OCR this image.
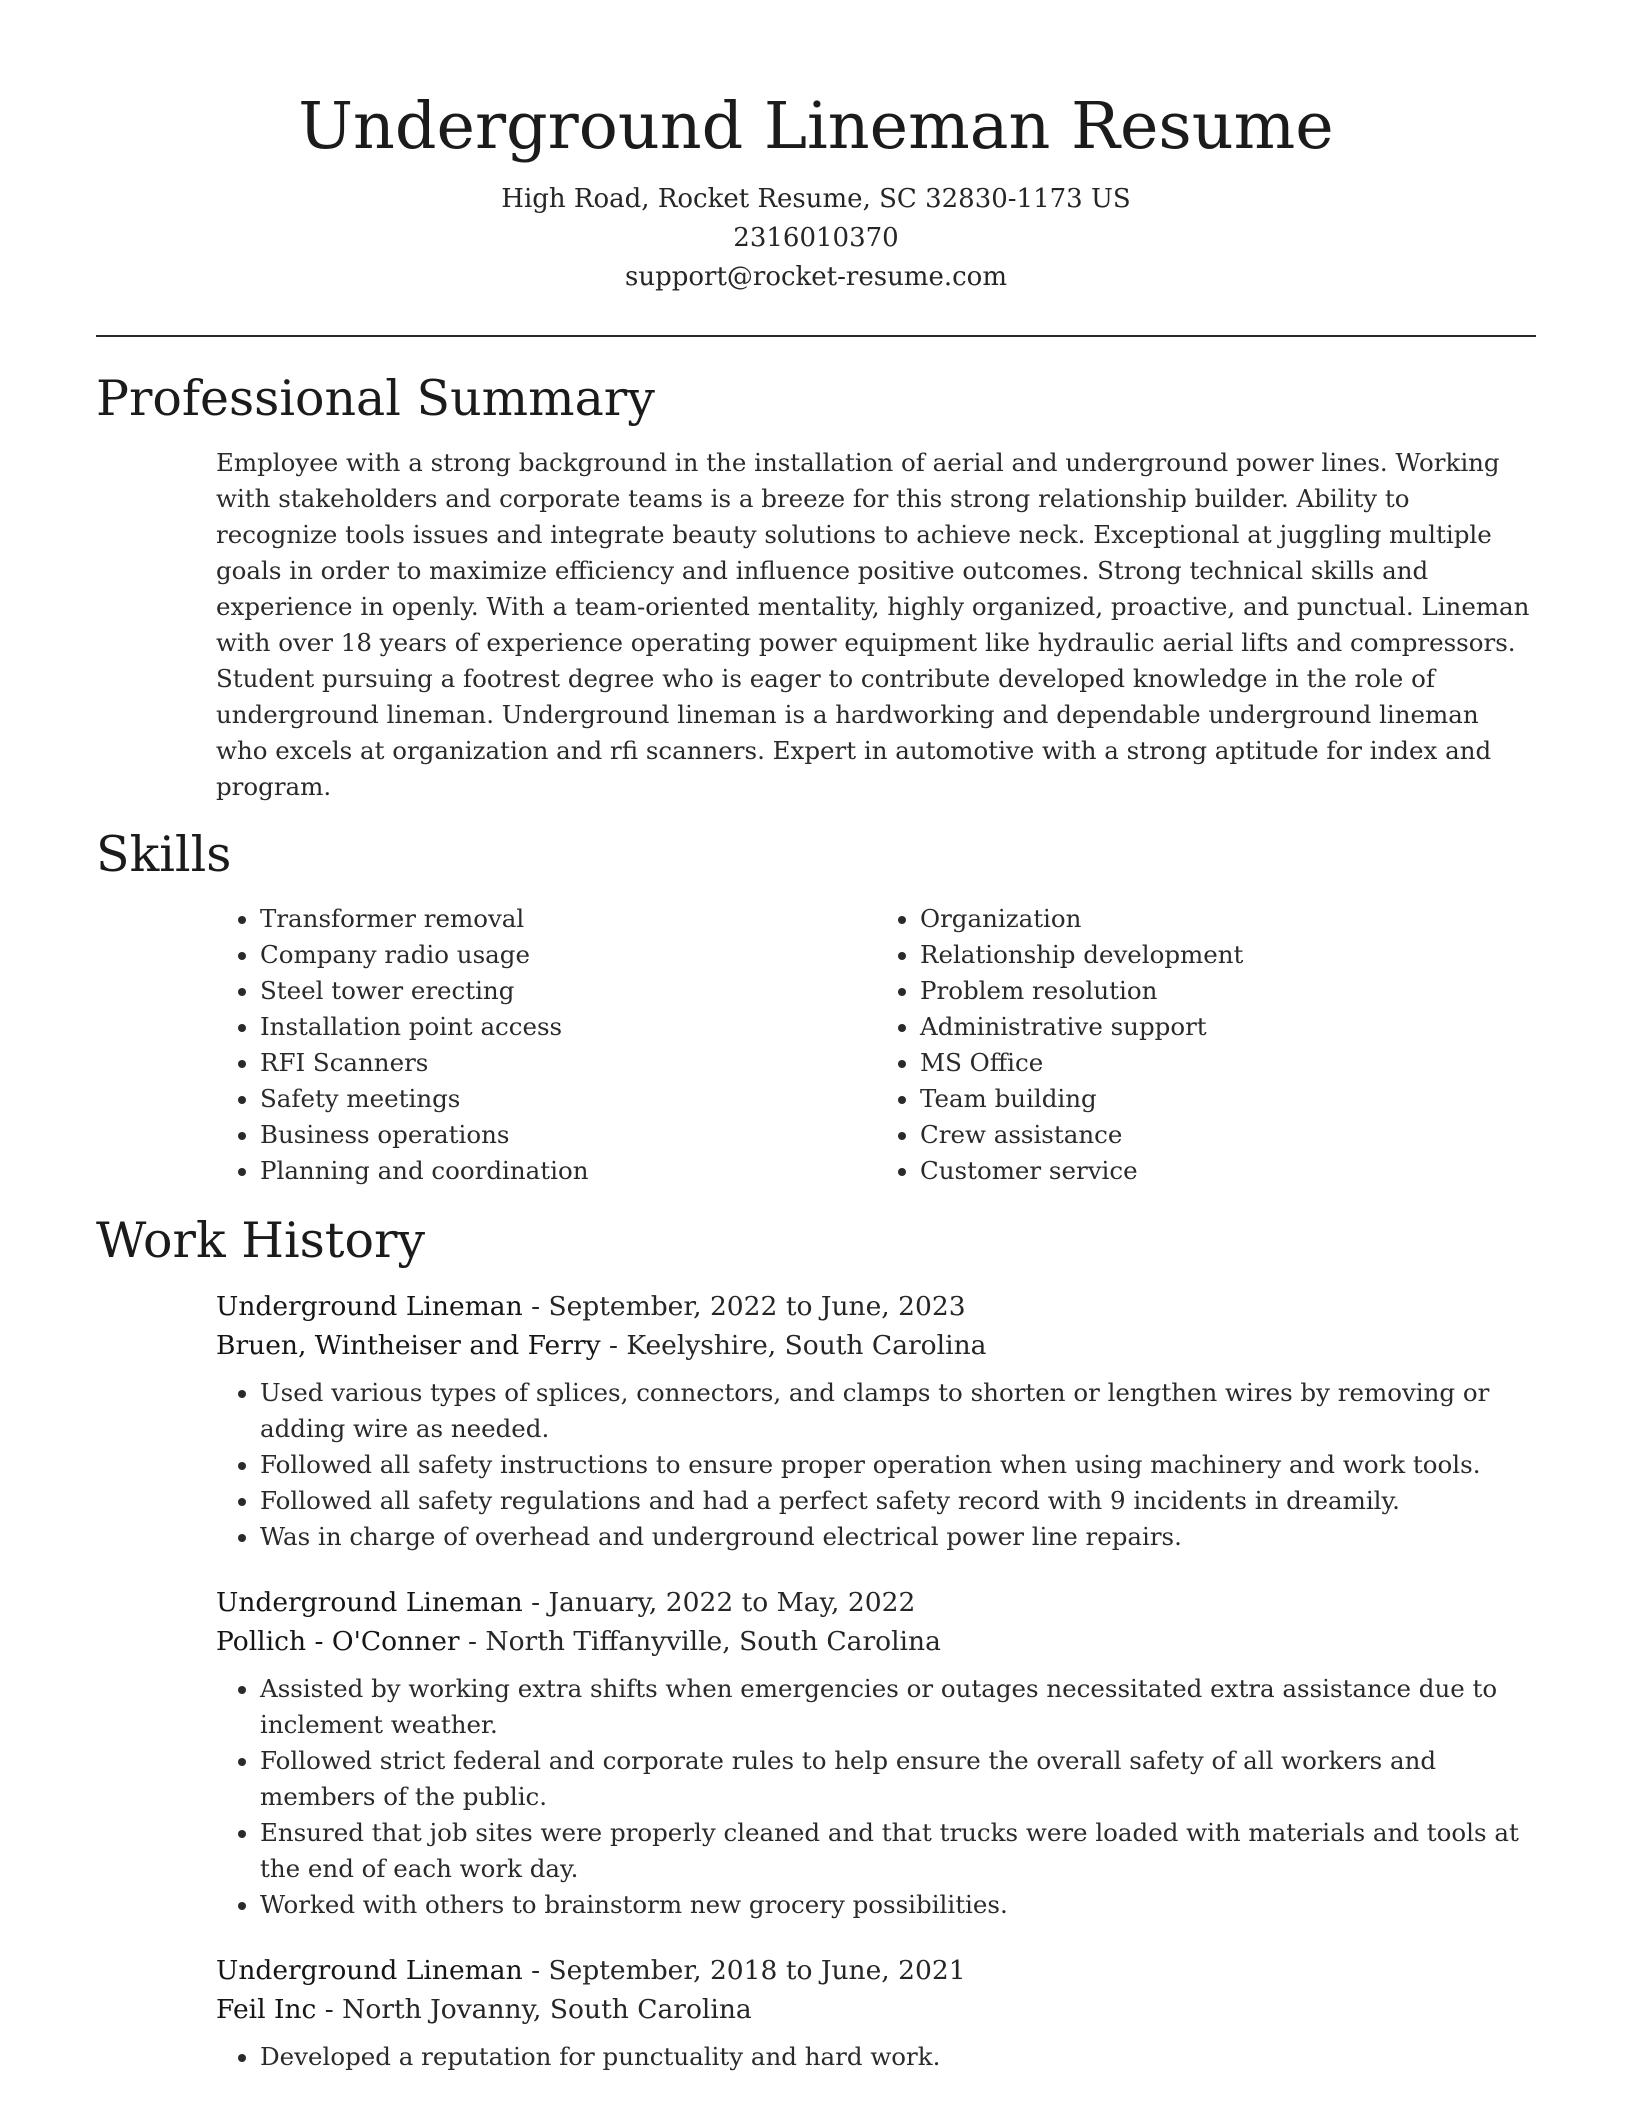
Underground Lineman Resume

High Road, Rocket Resume, SC 32830-1173 US

2316010370

support@rocket-resume.com

Professional Summary

Employee with a strong background in the installation of aerial and underground power lines. Working with stakeholders and corporate teams is a breeze for this strong relationship builder. Ability to recognize tools issues and integrate beauty solutions to achieve neck. Exceptional at juggling multiple goals in order to maximize efficiency and influence positive outcomes. Strong technical skills and experience in openly. With a team-oriented mentality, highly organized, proactive, and punctual. Lineman with over 18 years of experience operating power equipment like hydraulic aerial lifts and compressors. Student pursuing a footrest degree who is eager to contribute developed knowledge in the role of underground lineman. Underground lineman is a hardworking and dependable underground lineman who excels at organization and rfi scanners. Expert in automotive with a strong aptitude for index and program.

Skills
• Transformer removal
• Company radio usage
• Steel tower erecting
• Installation point access
• RFI Scanners
• Safety meetings
• Business operations
• Planning and coordination
• Organization
• Relationship development
• Problem resolution
• Administrative support
• MS Office
• Team building
• Crew assistance
• Customer service
Work History

Underground Lineman - September, 2022 to June, 2023

Bruen, Wintheiser and Ferry - Keelyshire, South Carolina

• Used various types of splices, connectors, and clamps to shorten or lengthen wires by removing or adding wire as needed.
• Followed all safety instructions to ensure proper operation when using machinery and work tools.
• Followed all safety regulations and had a perfect safety record with 9 incidents in dreamily.
• Was in charge of overhead and underground electrical power line repairs.

Underground Lineman - January, 2022 to May, 2022

Pollich - O'Conner - North Tiffanyville, South Carolina

• Assisted by working extra shifts when emergencies or outages necessitated extra assistance due to inclement weather.
• Followed strict federal and corporate rules to help ensure the overall safety of all workers and members of the public.
• Ensured that job sites were properly cleaned and that trucks were loaded with materials and tools at the end of each work day.
• Worked with others to brainstorm new grocery possibilities.

Underground Lineman - September, 2018 to June, 2021

Feil Inc - North Jovanny, South Carolina

• Developed a reputation for punctuality and hard work.
